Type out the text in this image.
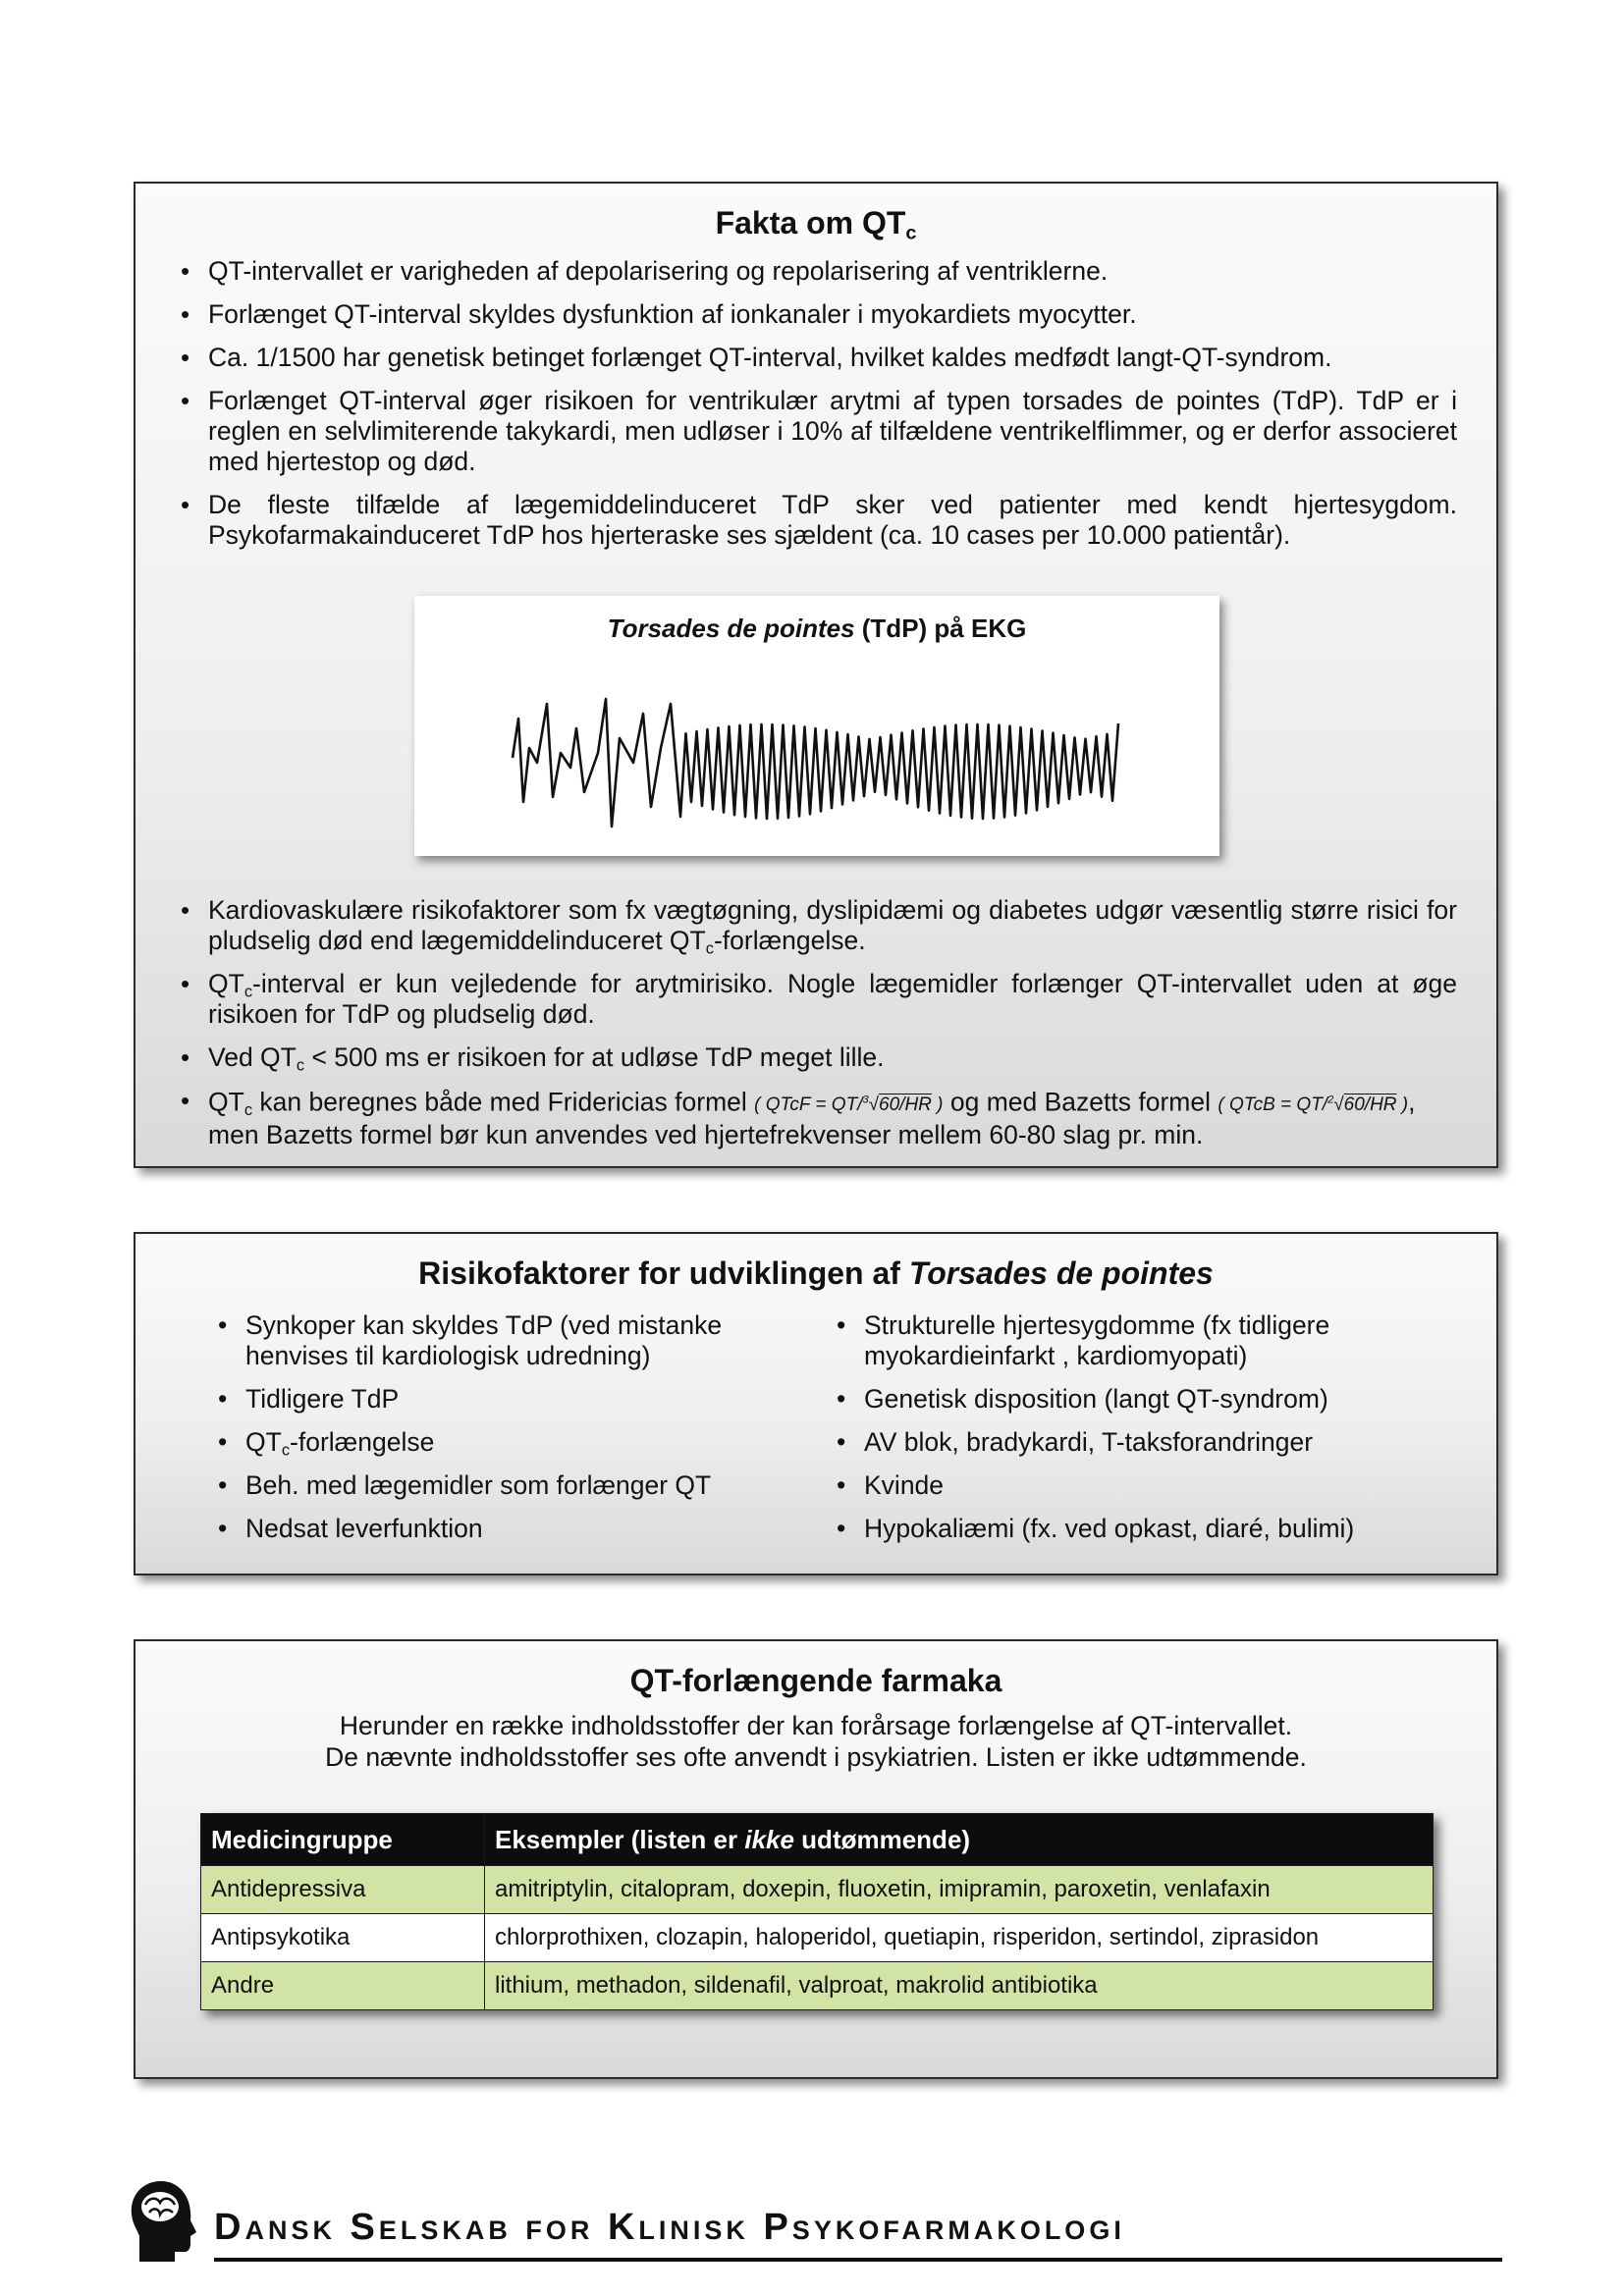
Fakta om $QT_c$
• QT-intervallet er varigheden af depolarisering og repolarisering af ventriklerne.
• Forlænget QT-interval skyldes dysfunktion af ionkanaler i myokardiets myocytter.
• Ca. 1/1500 har genetisk betinget forlænget QT-interval, hvilket kaldes medfødt langt-QT-syndrom.
• Forlænget QT-interval øger risikoen for ventrikulær arytmi af typen torsades de pointes (TdP). TdP er i reglen en selvlimiterende takykardi, men udløser i 10% af tilfældene ventrikelflimmer, og er derfor associeret med hjertestop og død.
• De fleste tilfælde af lægemiddelinduceret TdP sker ved patienter med kendt hjertesygdom. Psykofarmakainduceret TdP hos hjerteraske ses sjældent (ca. 10 cases per 10.000 patientår).
Torsades de pointes (TdP) på EKG
• Kardiovaskulære risikofaktorer som fx vægtøgning, dyslipidæmi og diabetes udgør væsentlig større risici for pludselig død end lægemiddelinduceret $QT_c$-forlængelse.
• $QT_c$-interval er kun vejledende for arytmirisiko. Nogle lægemidler forlænger QT-intervallet uden at øge risikoen for TdP og pludselig død.
• Ved $QT_c < 500$ ms er risikoen for at udløse TdP meget lille.
• $QT_c$ kan beregnes både med Fridericias formel ( QTcF = QT/$^3$√60/HR ) og med Bazetts formel ( QTcB = QT/$^2$√60/HR ), men Bazetts formel bør kun anvendes ved hjertefrekvenser mellem 60-80 slag pr. min.
Risikofaktorer for udviklingen af Torsades de pointes
• Synkoper kan skyldes TdP (ved mistanke henvises til kardiologisk udredning)
• Tidligere TdP
• $QT_c$-forlængelse
• Beh. med lægemidler som forlænger QT
• Nedsat leverfunktion
• Strukturelle hjertesygdomme (fx tidligere myokardieinfarkt , kardiomyopati)
• Genetisk disposition (langt QT-syndrom)
• AV blok, bradykardi, T-taksforandringer
• Kvinde
• Hypokaliæmi (fx. ved opkast, diaré, bulimi)
QT-forlængende farmaka
Herunder en række indholdsstoffer der kan forårsage forlængelse af QT-intervallet.
De nævnte indholdsstoffer ses ofte anvendt i psykiatrien. Listen er ikke udtømmende.
Medicingruppe	Eksempler (listen er ikke udtømmende)
Antidepressiva	amitriptylin, citalopram, doxepin, fluoxetin, imipramin, paroxetin, venlafaxin
Antipsykotika	chlorprothixen, clozapin, haloperidol, quetiapin, risperidon, sertindol, ziprasidon
Andre	lithium, methadon, sildenafil, valproat, makrolid antibiotika
Dansk Selskab for Klinisk Psykofarmakologi
